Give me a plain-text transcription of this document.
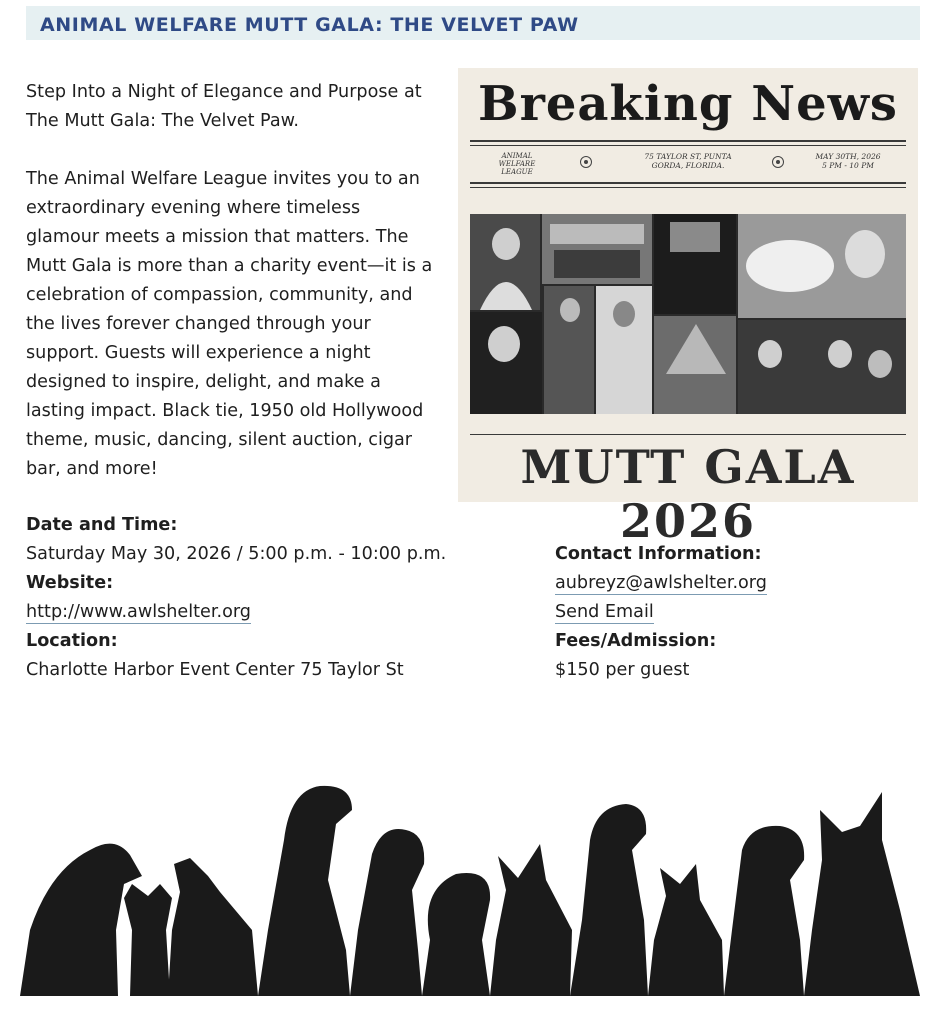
ANIMAL WELFARE MUTT GALA: THE VELVET PAW

Step Into a Night of Elegance and Purpose at The Mutt Gala: The Velvet Paw.

The Animal Welfare League invites you to an extraordinary evening where timeless glamour meets a mission that matters. The Mutt Gala is more than a charity event—it is a celebration of compassion, community, and the lives forever changed through your support. Guests will experience a night designed to inspire, delight, and make a lasting impact. Black tie, 1950 old Hollywood theme, music, dancing, silent auction, cigar bar, and more!

Breaking News
ANIMAL
WELFARE
LEAGUE
75 TAYLOR ST, PUNTA
GORDA, FLORIDA.
MAY 30TH, 2026
5 PM - 10 PM
MUTT GALA 2026
Date and Time:
Saturday May 30, 2026 / 5:00 p.m. - 10:00 p.m.
Website:
http://www.awlshelter.org
Location:
Charlotte Harbor Event Center 75 Taylor St
Contact Information:
aubreyz@awlshelter.org
Send Email
Fees/Admission:
$150 per guest
